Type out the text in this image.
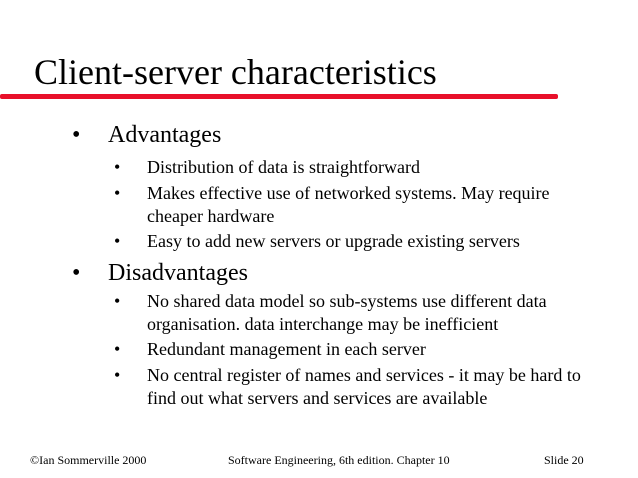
Client-server characteristics
• Advantages
• Distribution of data is straightforward
• Makes effective use of networked systems. May require cheaper hardware
• Easy to add new servers or upgrade existing servers
• Disadvantages
• No shared data model so sub-systems use different data organisation. data interchange may be inefficient
• Redundant management in each server
• No central register of names and services - it may be hard to find out what servers and services are available
©Ian Sommerville 2000	Software Engineering, 6th edition. Chapter 10	Slide 20
